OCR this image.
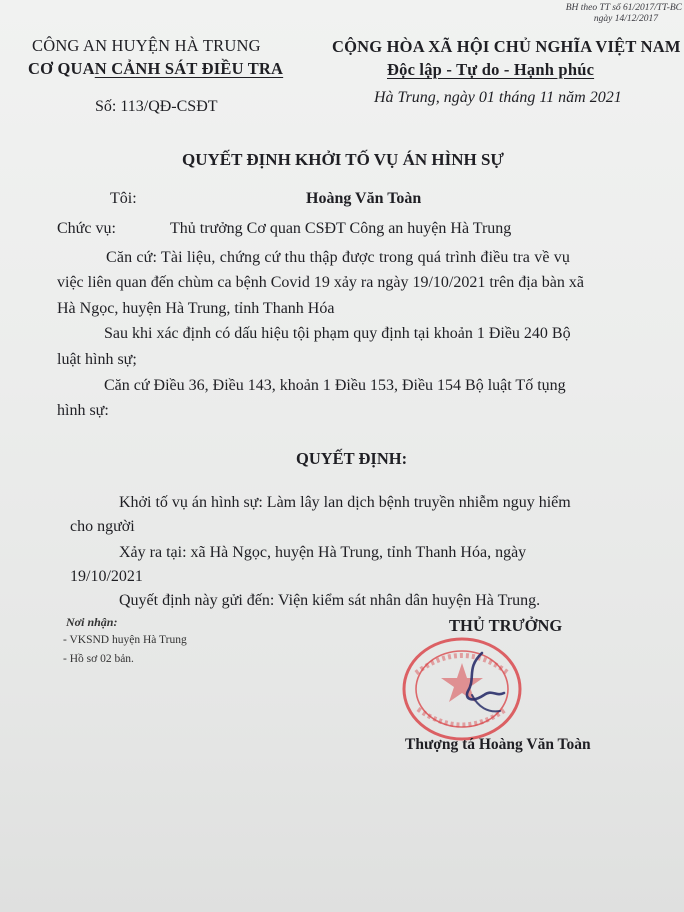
BH theo TT số 61/2017/TT-BC
ngày 14/12/2017
CÔNG AN HUYỆN HÀ TRUNG
CƠ QUAN CẢNH SÁT ĐIỀU TRA
Số: 113/QĐ-CSĐT
CỘNG HÒA XÃ HỘI CHỦ NGHĨA VIỆT NAM
Độc lập - Tự do - Hạnh phúc
Hà Trung, ngày 01 tháng 11 năm 2021
QUYẾT ĐỊNH KHỞI TỐ VỤ ÁN HÌNH SỰ
Tôi:	Hoàng Văn Toàn
Chức vụ:	Thủ trưởng Cơ quan CSĐT Công an huyện Hà Trung
Căn cứ: Tài liệu, chứng cứ thu thập được trong quá trình điều tra về vụ
việc liên quan đến chùm ca bệnh Covid 19 xảy ra ngày 19/10/2021 trên địa bàn xã
Hà Ngọc, huyện Hà Trung, tỉnh Thanh Hóa
Sau khi xác định có dấu hiệu tội phạm quy định tại khoản 1 Điều 240 Bộ
luật hình sự;
Căn cứ Điều 36, Điều 143, khoản 1 Điều 153, Điều 154 Bộ luật Tố tụng
hình sự:
QUYẾT ĐỊNH:
Khởi tố vụ án hình sự: Làm lây lan dịch bệnh truyền nhiễm nguy hiểm
cho người
Xảy ra tại: xã Hà Ngọc, huyện Hà Trung, tỉnh Thanh Hóa, ngày
19/10/2021
Quyết định này gửi đến: Viện kiểm sát nhân dân huyện Hà Trung.
Nơi nhận:
- VKSND huyện Hà Trung
- Hồ sơ 02 bản.
THỦ TRƯỞNG
Thượng tá Hoàng Văn Toàn
